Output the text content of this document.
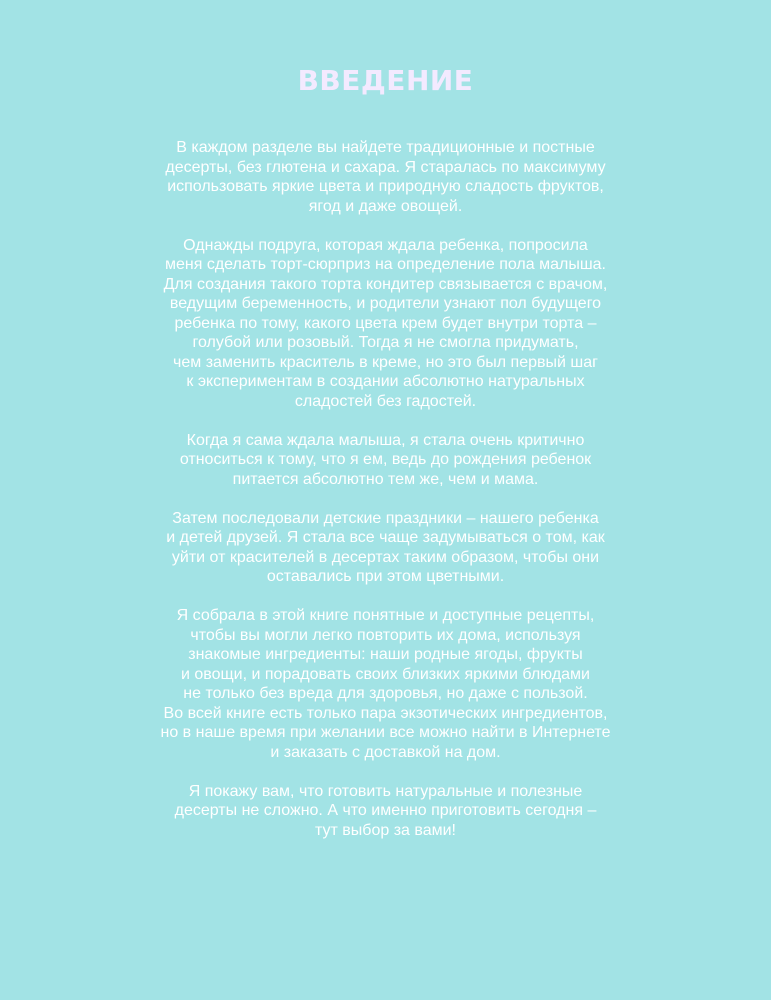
ВВЕДЕНИЕ

В каждом разделе вы найдете традиционные и постные
десерты, без глютена и сахара. Я старалась по максимуму
использовать яркие цвета и природную сладость фруктов,
ягод и даже овощей.

Однажды подруга, которая ждала ребенка, попросила
меня сделать торт-сюрприз на определение пола малыша.
Для создания такого торта кондитер связывается с врачом,
ведущим беременность, и родители узнают пол будущего
ребенка по тому, какого цвета крем будет внутри торта –
голубой или розовый. Тогда я не смогла придумать,
чем заменить краситель в креме, но это был первый шаг
к экспериментам в создании абсолютно натуральных
сладостей без гадостей.

Когда я сама ждала малыша, я стала очень критично
относиться к тому, что я ем, ведь до рождения ребенок
питается абсолютно тем же, чем и мама.

Затем последовали детские праздники – нашего ребенка
и детей друзей. Я стала все чаще задумываться о том, как
уйти от красителей в десертах таким образом, чтобы они
оставались при этом цветными.

Я собрала в этой книге понятные и доступные рецепты,
чтобы вы могли легко повторить их дома, используя
знакомые ингредиенты: наши родные ягоды, фрукты
и овощи, и порадовать своих близких яркими блюдами
не только без вреда для здоровья, но даже с пользой.
Во всей книге есть только пара экзотических ингредиентов,
но в наше время при желании все можно найти в Интернете
и заказать с доставкой на дом.

Я покажу вам, что готовить натуральные и полезные
десерты не сложно. А что именно приготовить сегодня –
тут выбор за вами!
